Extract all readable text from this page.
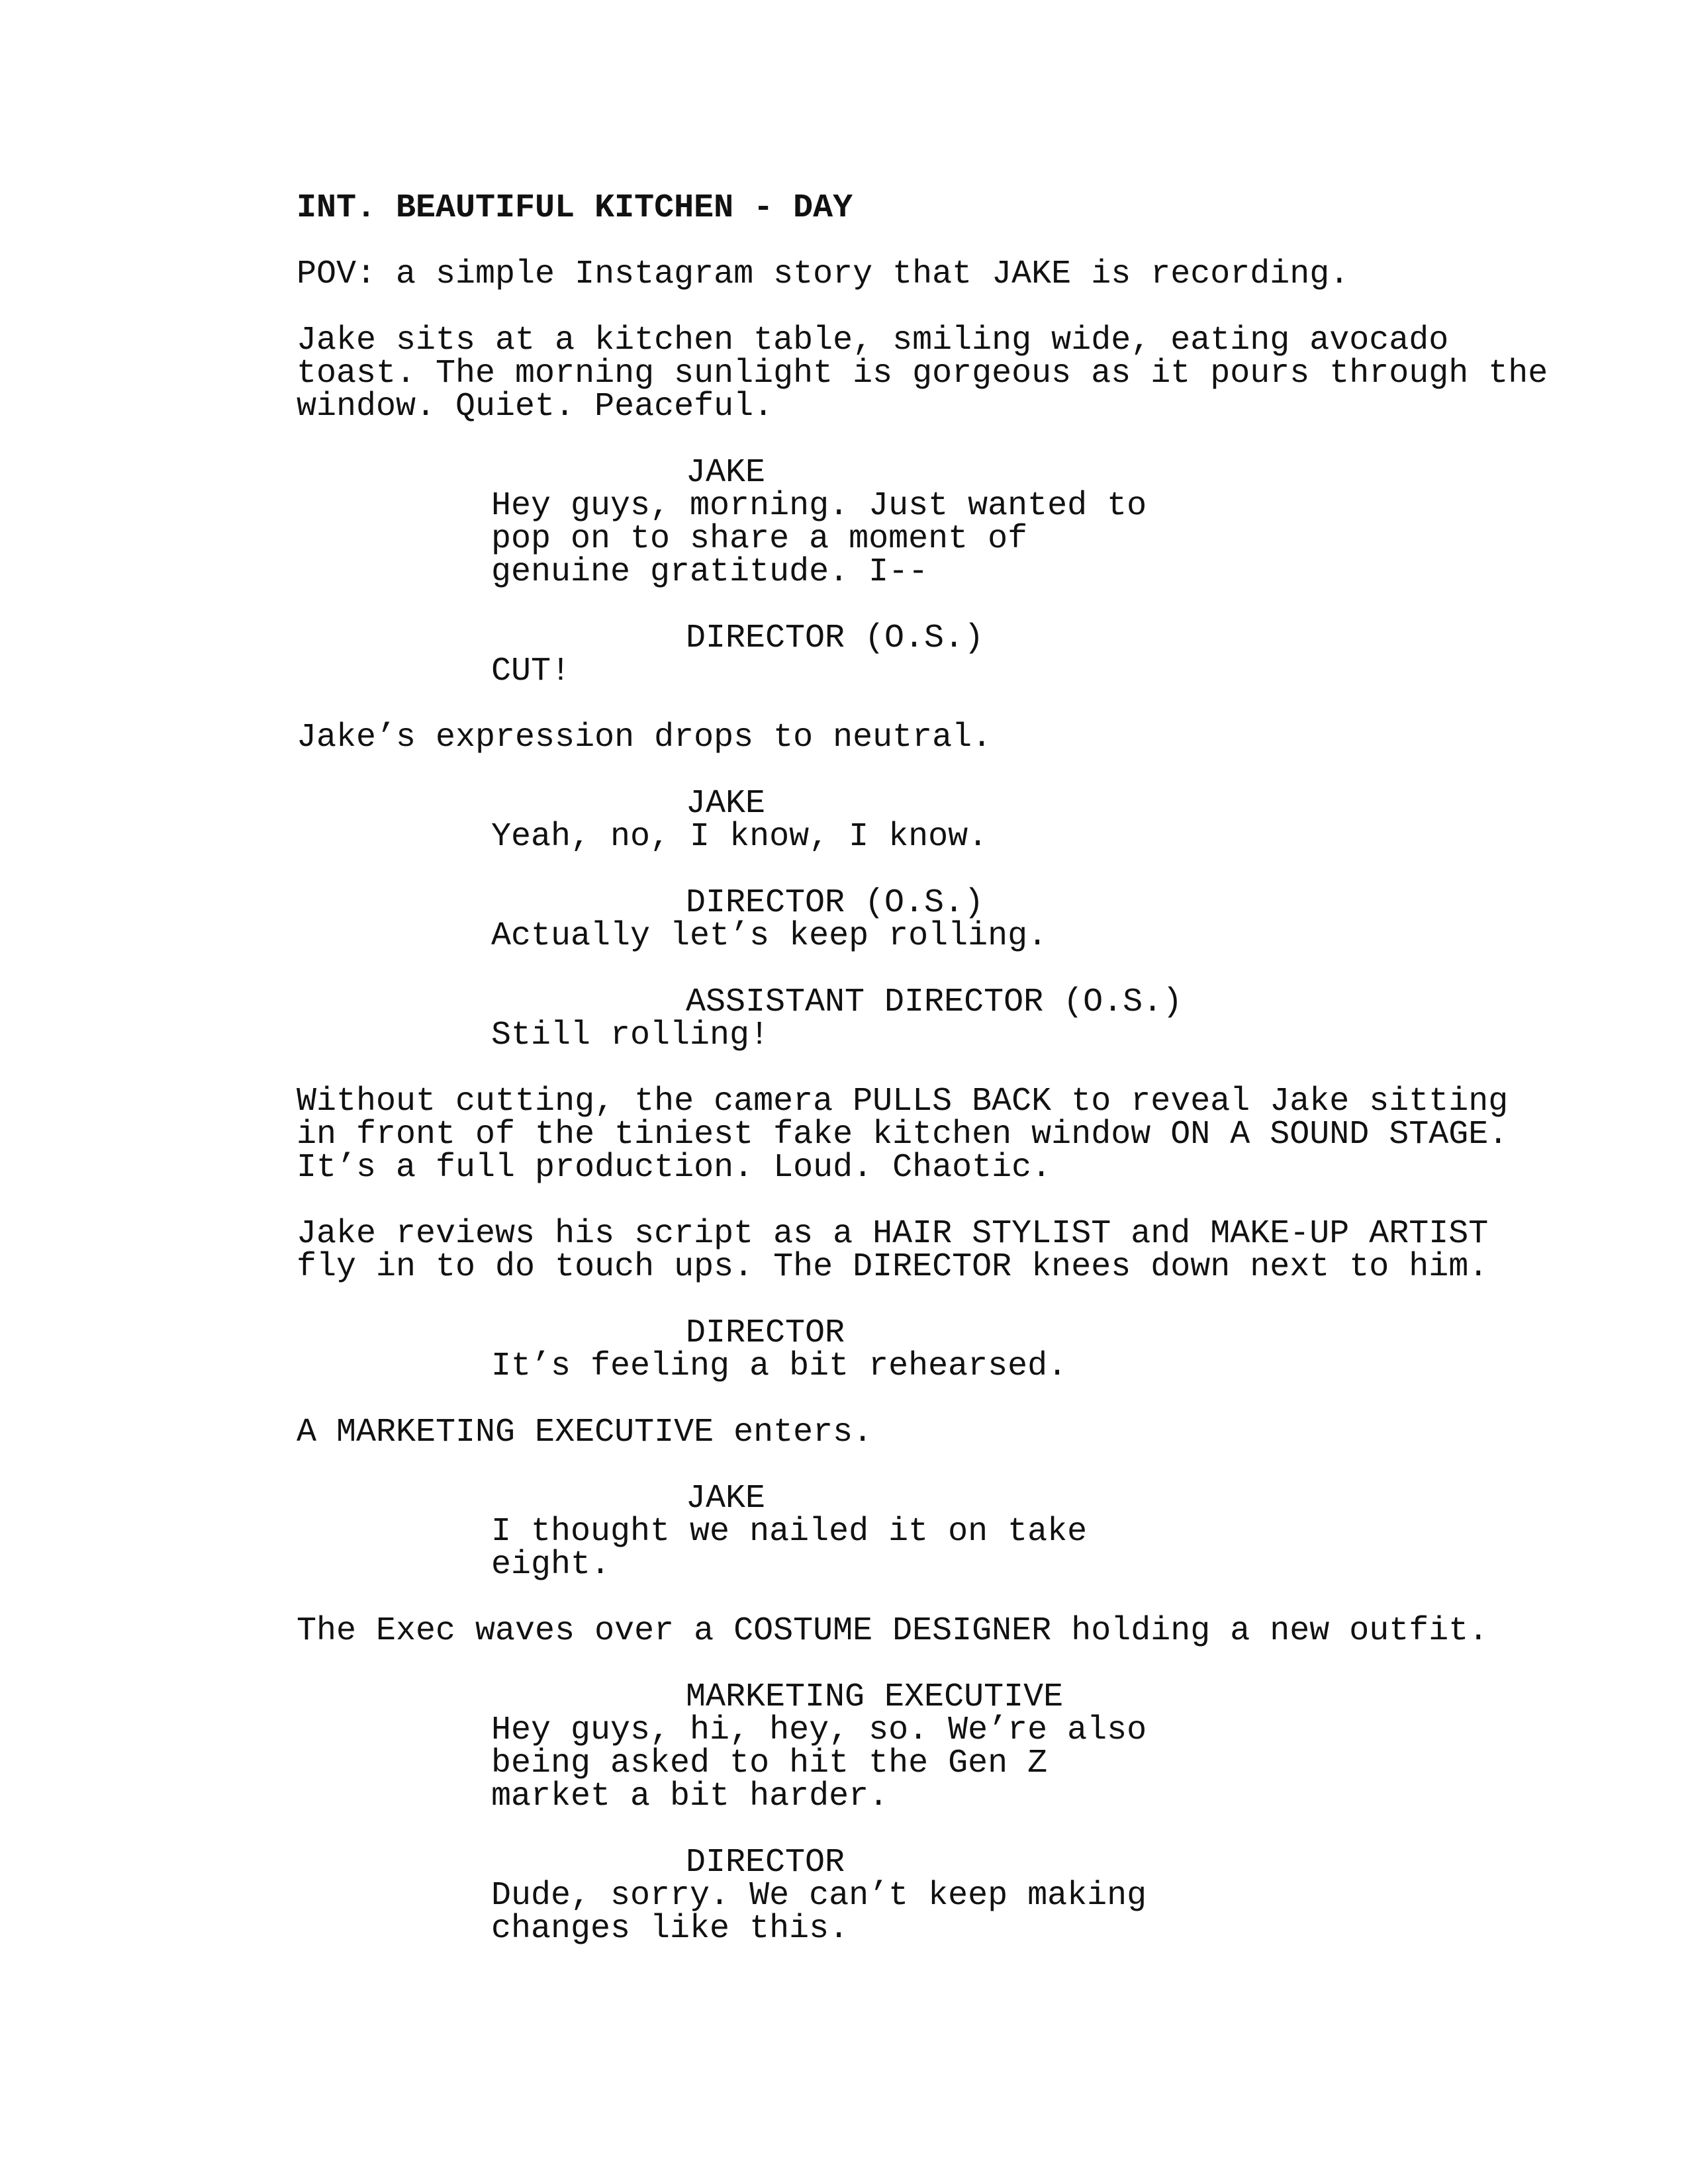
INT. BEAUTIFUL KITCHEN - DAY
POV: a simple Instagram story that JAKE is recording.
Jake sits at a kitchen table, smiling wide, eating avocado
toast. The morning sunlight is gorgeous as it pours through the
window. Quiet. Peaceful.
JAKE
Hey guys, morning. Just wanted to
pop on to share a moment of
genuine gratitude. I--
DIRECTOR (O.S.)
CUT!
Jake’s expression drops to neutral.
JAKE
Yeah, no, I know, I know.
DIRECTOR (O.S.)
Actually let’s keep rolling.
ASSISTANT DIRECTOR (O.S.)
Still rolling!
Without cutting, the camera PULLS BACK to reveal Jake sitting
in front of the tiniest fake kitchen window ON A SOUND STAGE.
It’s a full production. Loud. Chaotic.
Jake reviews his script as a HAIR STYLIST and MAKE-UP ARTIST
fly in to do touch ups. The DIRECTOR knees down next to him.
DIRECTOR
It’s feeling a bit rehearsed.
A MARKETING EXECUTIVE enters.
JAKE
I thought we nailed it on take
eight.
The Exec waves over a COSTUME DESIGNER holding a new outfit.
MARKETING EXECUTIVE
Hey guys, hi, hey, so. We’re also
being asked to hit the Gen Z
market a bit harder.
DIRECTOR
Dude, sorry. We can’t keep making
changes like this.
